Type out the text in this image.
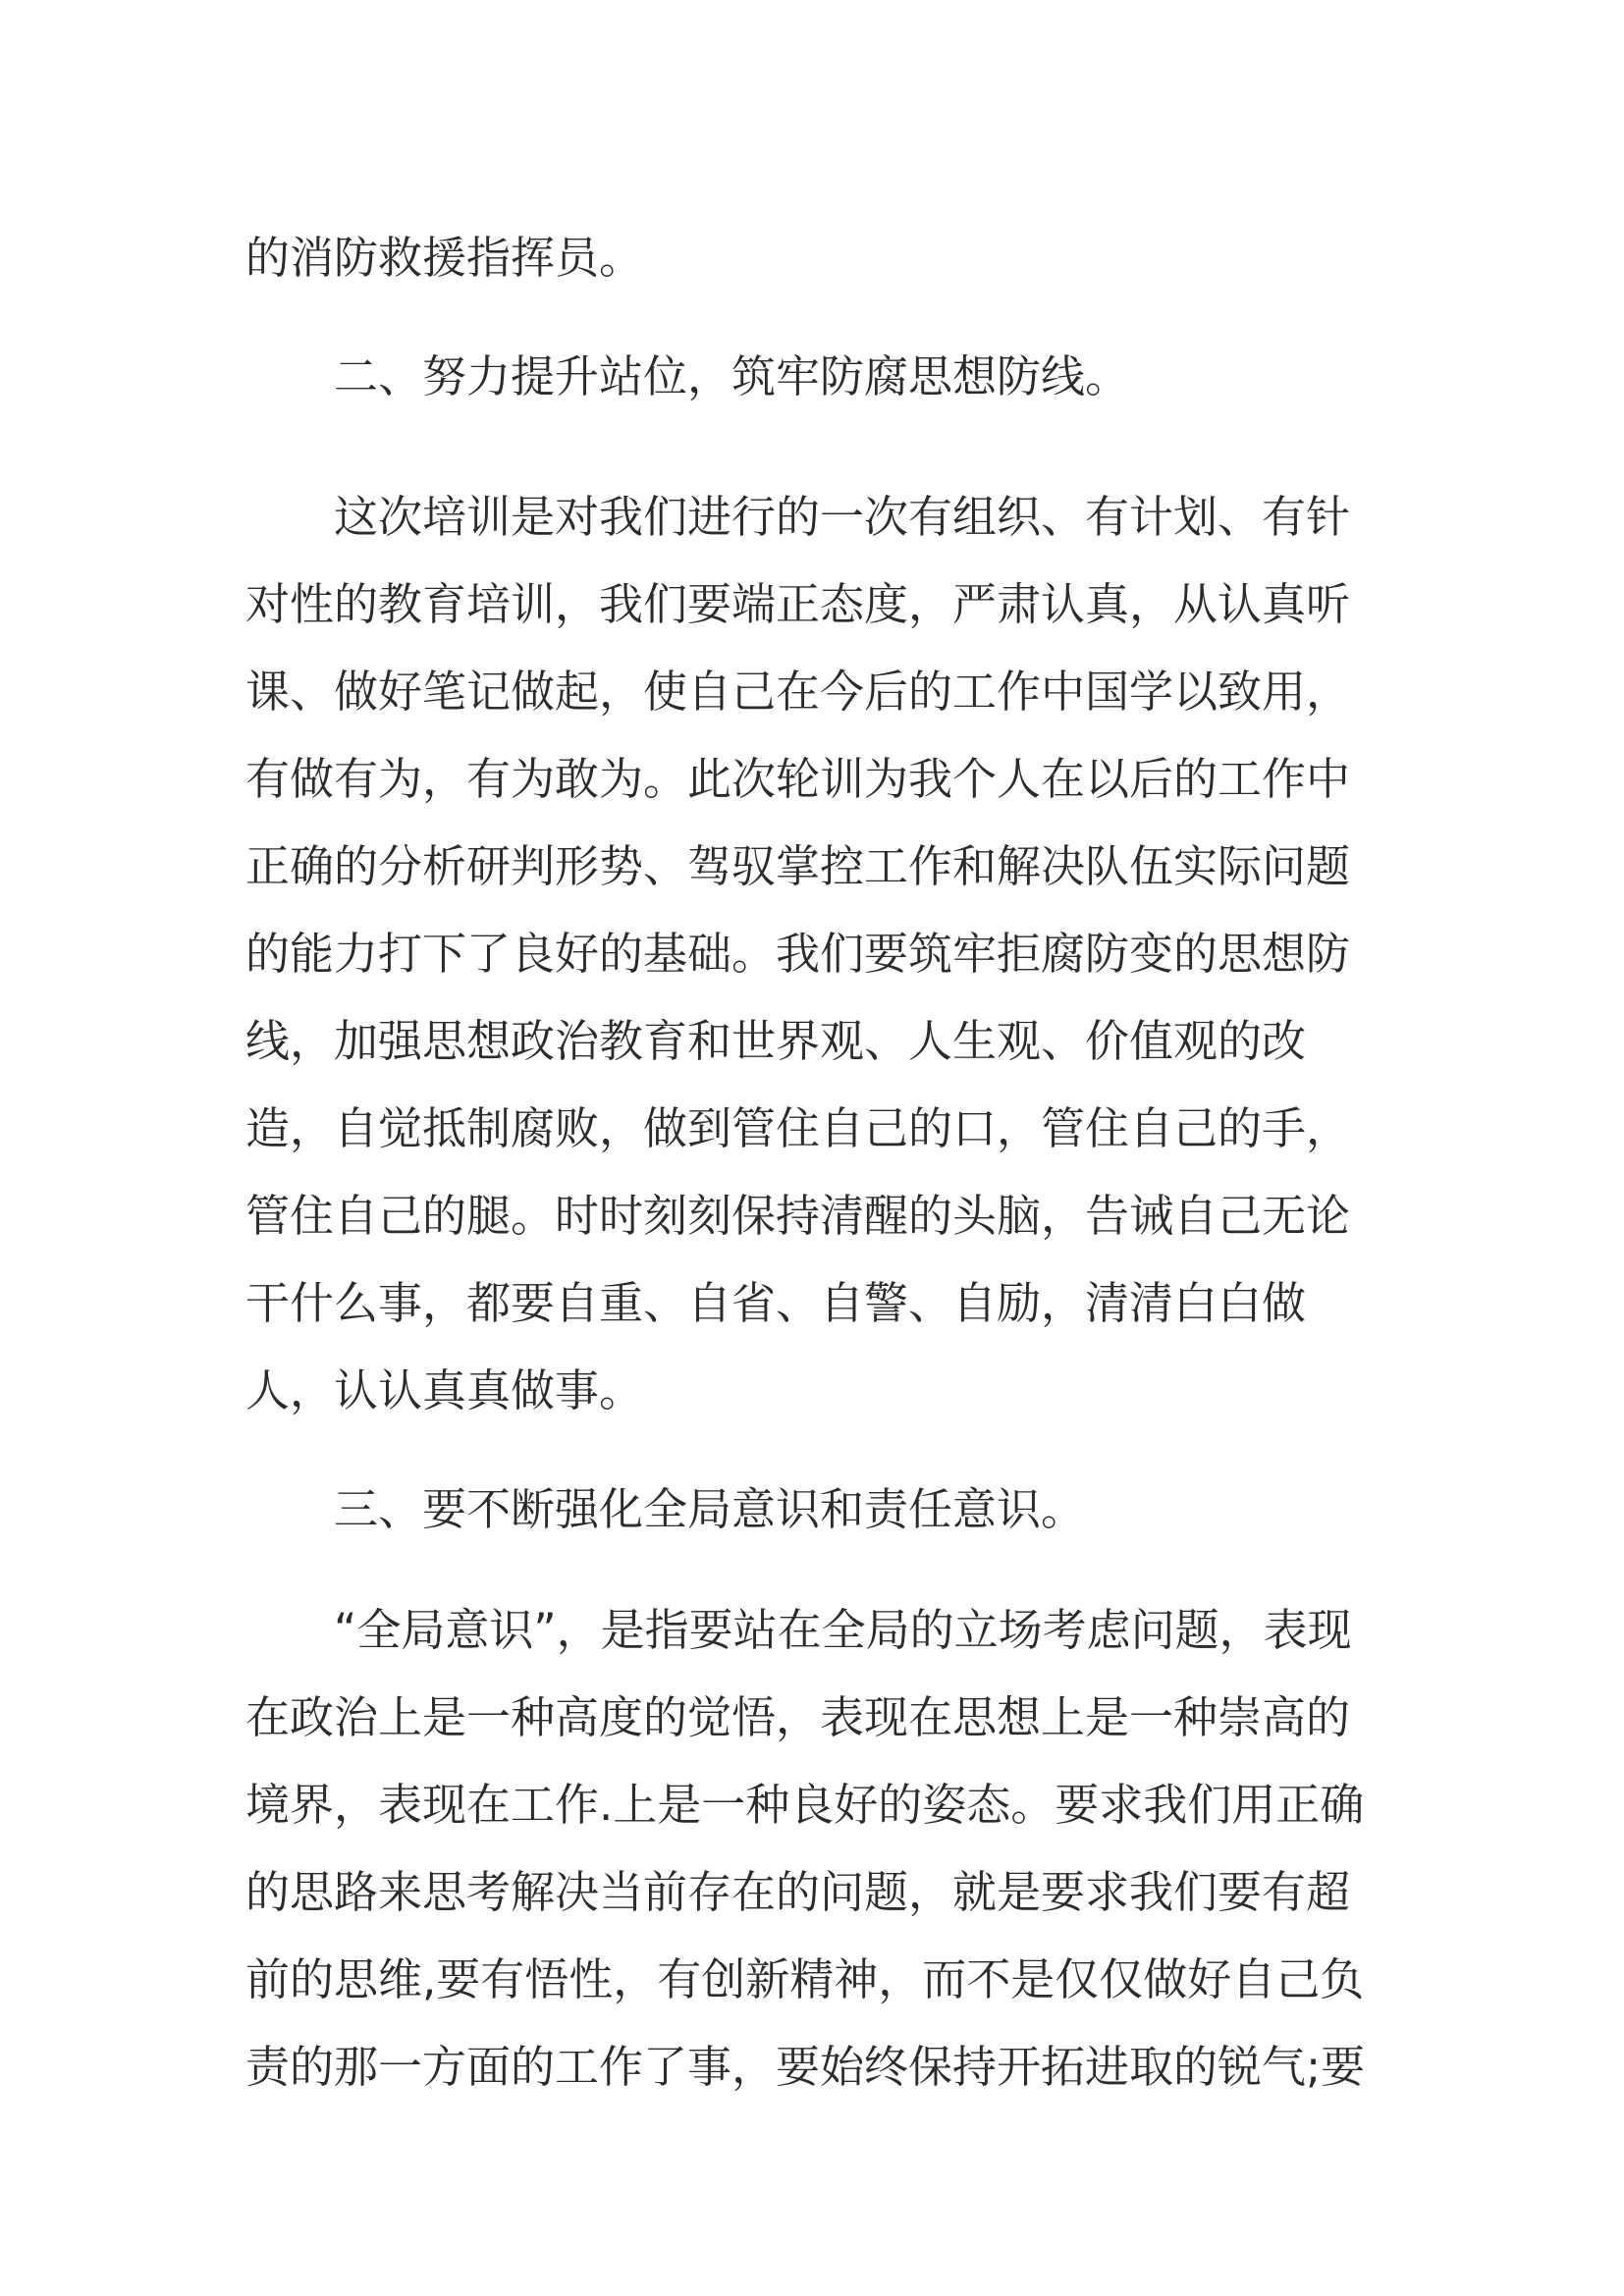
的消防救援指挥员。

二、努力提升站位，筑牢防腐思想防线。

这次培训是对我们进行的一次有组织、有计划、有针

对性的教育培训，我们要端正态度，严肃认真，从认真听

课、做好笔记做起，使自己在今后的工作中国学以致用，

有做有为，有为敢为。此次轮训为我个人在以后的工作中

正确的分析研判形势、驾驭掌控工作和解决队伍实际问题

的能力打下了良好的基础。我们要筑牢拒腐防变的思想防

线，加强思想政治教育和世界观、人生观、价值观的改

造，自觉抵制腐败，做到管住自己的口，管住自己的手，

管住自己的腿。时时刻刻保持清醒的头脑，告诫自己无论

干什么事，都要自重、自省、自警、自励，清清白白做

人，认认真真做事。

三、要不断强化全局意识和责任意识。

“全局意识”，是指要站在全局的立场考虑问题，表现

在政治上是一种高度的觉悟，表现在思想上是一种崇高的

境界，表现在工作.上是一种良好的姿态。要求我们用正确

的思路来思考解决当前存在的问题，就是要求我们要有超

前的思维,要有悟性，有创新精神，而不是仅仅做好自己负

责的那一方面的工作了事，要始终保持开拓进取的锐气;要
